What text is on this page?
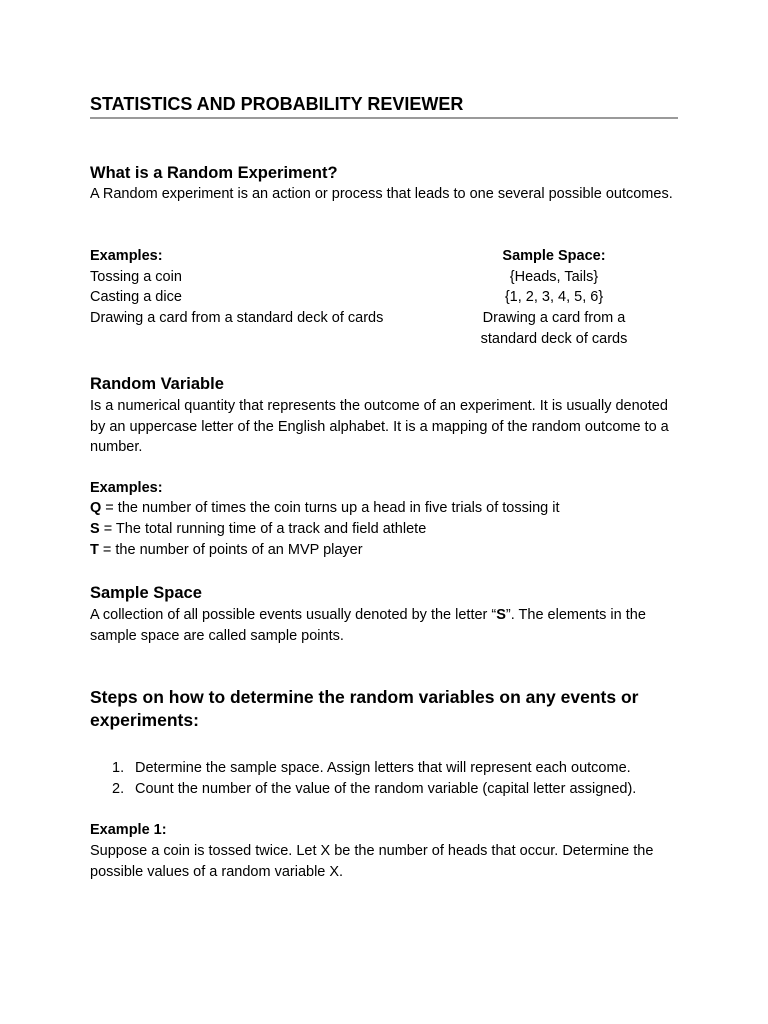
STATISTICS AND PROBABILITY REVIEWER
What is a Random Experiment?
A Random experiment is an action or process that leads to one several possible outcomes.
Examples:	Sample Space:
Tossing a coin
Casting a dice
Drawing a card from a standard deck of cards
{Heads, Tails}
{1, 2, 3, 4, 5, 6}
Drawing a card from a standard deck of cards
Random Variable
Is a numerical quantity that represents the outcome of an experiment. It is usually denoted by an uppercase letter of the English alphabet. It is a mapping of the random outcome to a number.
Examples:
Q = the number of times the coin turns up a head in five trials of tossing it
S = The total running time of a track and field athlete
T = the number of points of an MVP player
Sample Space
A collection of all possible events usually denoted by the letter “S”. The elements in the sample space are called sample points.
Steps on how to determine the random variables on any events or experiments:
1. Determine the sample space. Assign letters that will represent each outcome.
2. Count the number of the value of the random variable (capital letter assigned).
Example 1:
Suppose a coin is tossed twice. Let X be the number of heads that occur. Determine the possible values of a random variable X.
